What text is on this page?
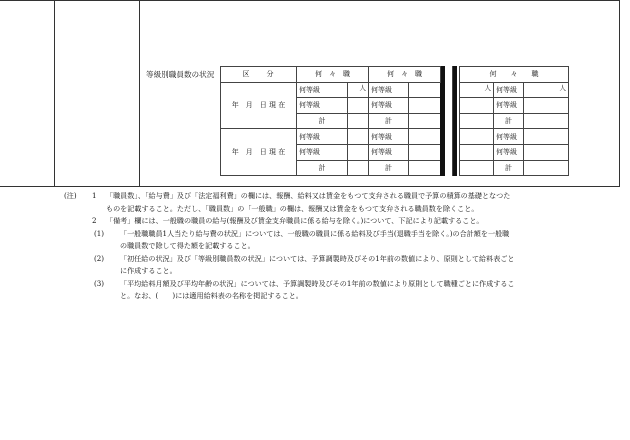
等級別職員数の状況	区　　分	何　々　職		何　々　職						何　　々　　職		
年　月　日 現 在	何等級	人	何等級						人	何等級	人
	何等級		何等級							何等級	
	計		計							計	
年　月　日 現 在	何等級		何等級							何等級	
	何等級		何等級							何等級	
	計		計							計	
(注) 1 「職員数」、「給与費」及び「法定福利費」の欄には、報酬、給料又は賃金をもつて支弁される職員で予算の積算の基礎となつた
ものを記載すること。ただし、「職員数」の「一般職」の欄は、報酬又は賃金をもつて支弁される職員数を除くこと。
2 「備考」欄には、一般職の職員の給与(報酬及び賃金支弁職員に係る給与を除く。)について、下記により記載すること。
(1) 「一般職職員1人当たり給与費の状況」については、一般職の職員に係る給料及び手当(退職手当を除く。)の合計額を一般職
の職員数で除して得た額を記載すること。
(2) 「初任給の状況」及び「等級別職員数の状況」については、予算調製時及びその1年前の数値により、原則として給料表ごと
に作成すること。
(3) 「平均給料月額及び平均年齢の状況」については、予算調製時及びその1年前の数値により原則として職種ごとに作成するこ
と。なお、(　　)には適用給料表の名称を掲記すること。
